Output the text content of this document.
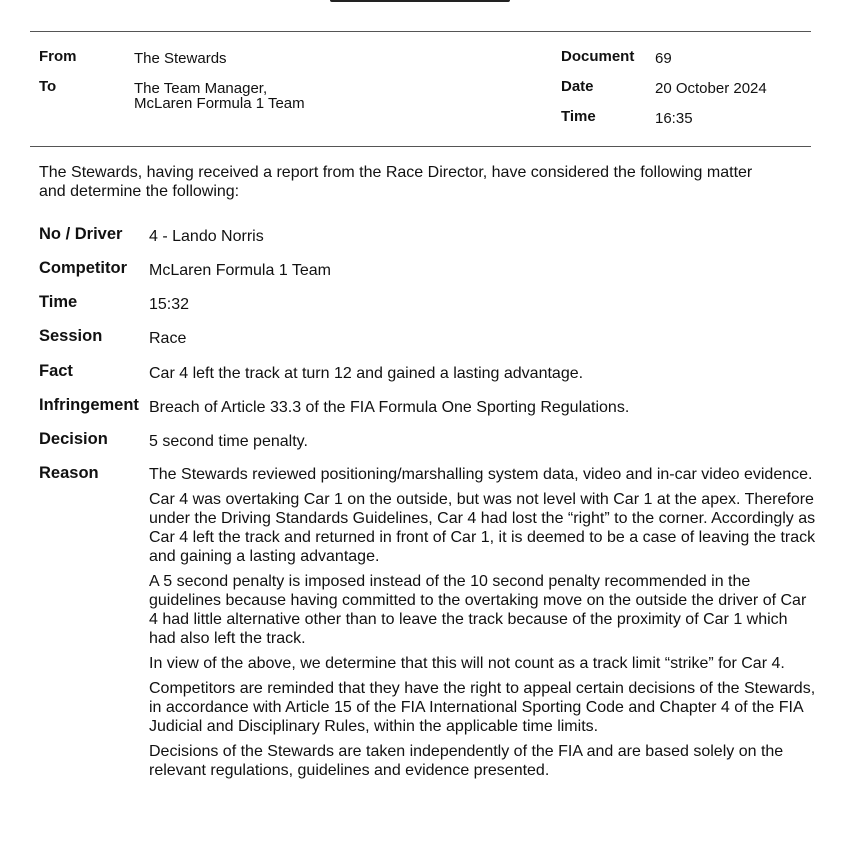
From	The Stewards
To	The Team Manager,
McLaren Formula 1 Team
Document 69
Date	20 October 2024
Time	16:35
The Stewards, having received a report from the Race Director, have considered the following matter and determine the following:
No / Driver 4 - Lando Norris
Competitor McLaren Formula 1 Team
Time	15:32
Session	Race
Fact	Car 4 left the track at turn 12 and gained a lasting advantage.
Infringement Breach of Article 33.3 of the FIA Formula One Sporting Regulations.
Decision	5 second time penalty.
Reason	The Stewards reviewed positioning/marshalling system data, video and in-car video evidence.

Car 4 was overtaking Car 1 on the outside, but was not level with Car 1 at the apex. Therefore under the Driving Standards Guidelines, Car 4 had lost the “right” to the corner. Accordingly as Car 4 left the track and returned in front of Car 1, it is deemed to be a case of leaving the track and gaining a lasting advantage.

A 5 second penalty is imposed instead of the 10 second penalty recommended in the guidelines because having committed to the overtaking move on the outside the driver of Car 4 had little alternative other than to leave the track because of the proximity of Car 1 which had also left the track.

In view of the above, we determine that this will not count as a track limit “strike” for Car 4.

Competitors are reminded that they have the right to appeal certain decisions of the Stewards, in accordance with Article 15 of the FIA International Sporting Code and Chapter 4 of the FIA Judicial and Disciplinary Rules, within the applicable time limits.

Decisions of the Stewards are taken independently of the FIA and are based solely on the relevant regulations, guidelines and evidence presented.
